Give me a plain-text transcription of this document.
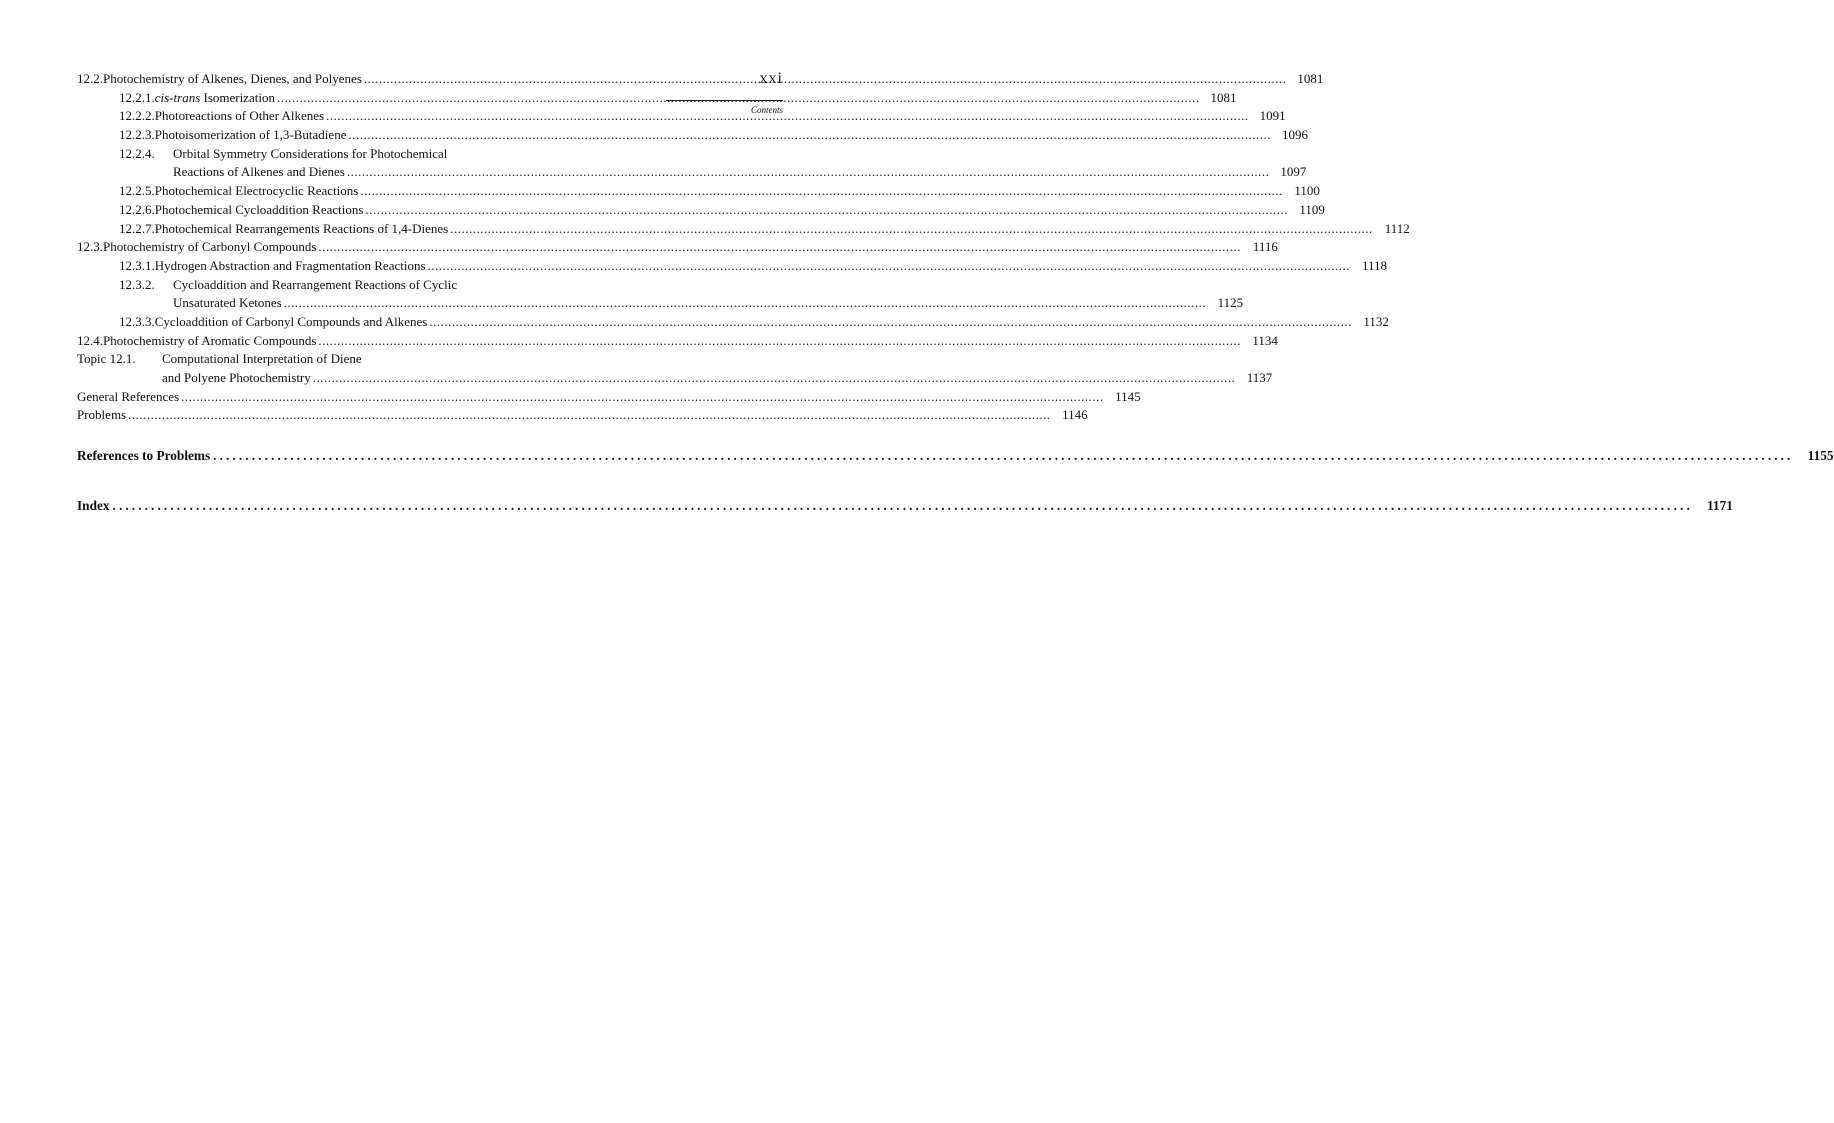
xxi
Contents
12.2. Photochemistry of Alkenes, Dienes, and Polyenes .....	1081
12.2.1. cis-trans Isomerization .....	1081
12.2.2. Photoreactions of Other Alkenes .....	1091
12.2.3. Photoisomerization of 1,3-Butadiene .....	1096
12.2.4.	Orbital Symmetry Considerations for Photochemical
Reactions of Alkenes and Dienes .....	1097
12.2.5. Photochemical Electrocyclic Reactions .....	1100
12.2.6. Photochemical Cycloaddition Reactions .....	1109
12.2.7. Photochemical Rearrangements Reactions of 1,4-Dienes .....	1112
12.3. Photochemistry of Carbonyl Compounds .....	1116
12.3.1. Hydrogen Abstraction and Fragmentation Reactions .....	1118
12.3.2.	Cycloaddition and Rearrangement Reactions of Cyclic
Unsaturated Ketones .....	1125
12.3.3. Cycloaddition of Carbonyl Compounds and Alkenes .....	1132
12.4. Photochemistry of Aromatic Compounds .....	1134
Topic 12.1.	Computational Interpretation of Diene
and Polyene Photochemistry .....	1137
General References .....	1145
Problems .....	1146
References to Problems .....	1155
Index .....	1171
